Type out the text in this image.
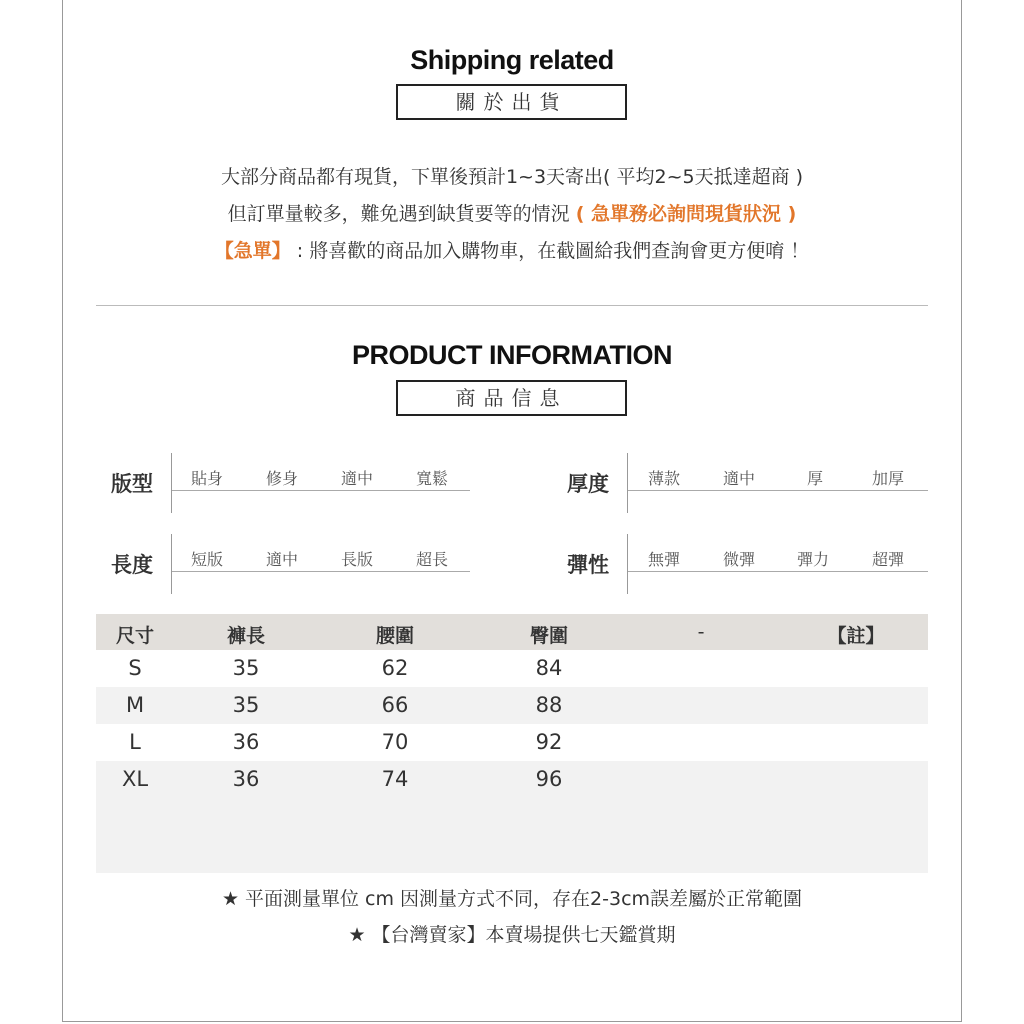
Shipping related
關於出貨
大部分商品都有現貨，下單後預計1~3天寄出( 平均2~5天抵達超商 )
但訂單量較多，難免遇到缺貨要等的情況 ( 急單務必詢問現貨狀況 )
【急單】 : 將喜歡的商品加入購物車，在截圖給我們查詢會更方便唷 ！
PRODUCT INFORMATION
商品信息
版型 貼身	修身	適中	寬鬆	厚度 薄款	適中	厚	加厚
長度 短版	適中	長版	超長	彈性 無彈	微彈	彈力	超彈
尺寸	褲長	腰圍	臀圍	-	【註】
S	35	62	84
M	35	66	88
L	36	70	92
XL	36	74	96
★ 平面測量單位 cm 因測量方式不同，存在2-3cm誤差屬於正常範圍
★ 【台灣賣家】本賣場提供七天鑑賞期
